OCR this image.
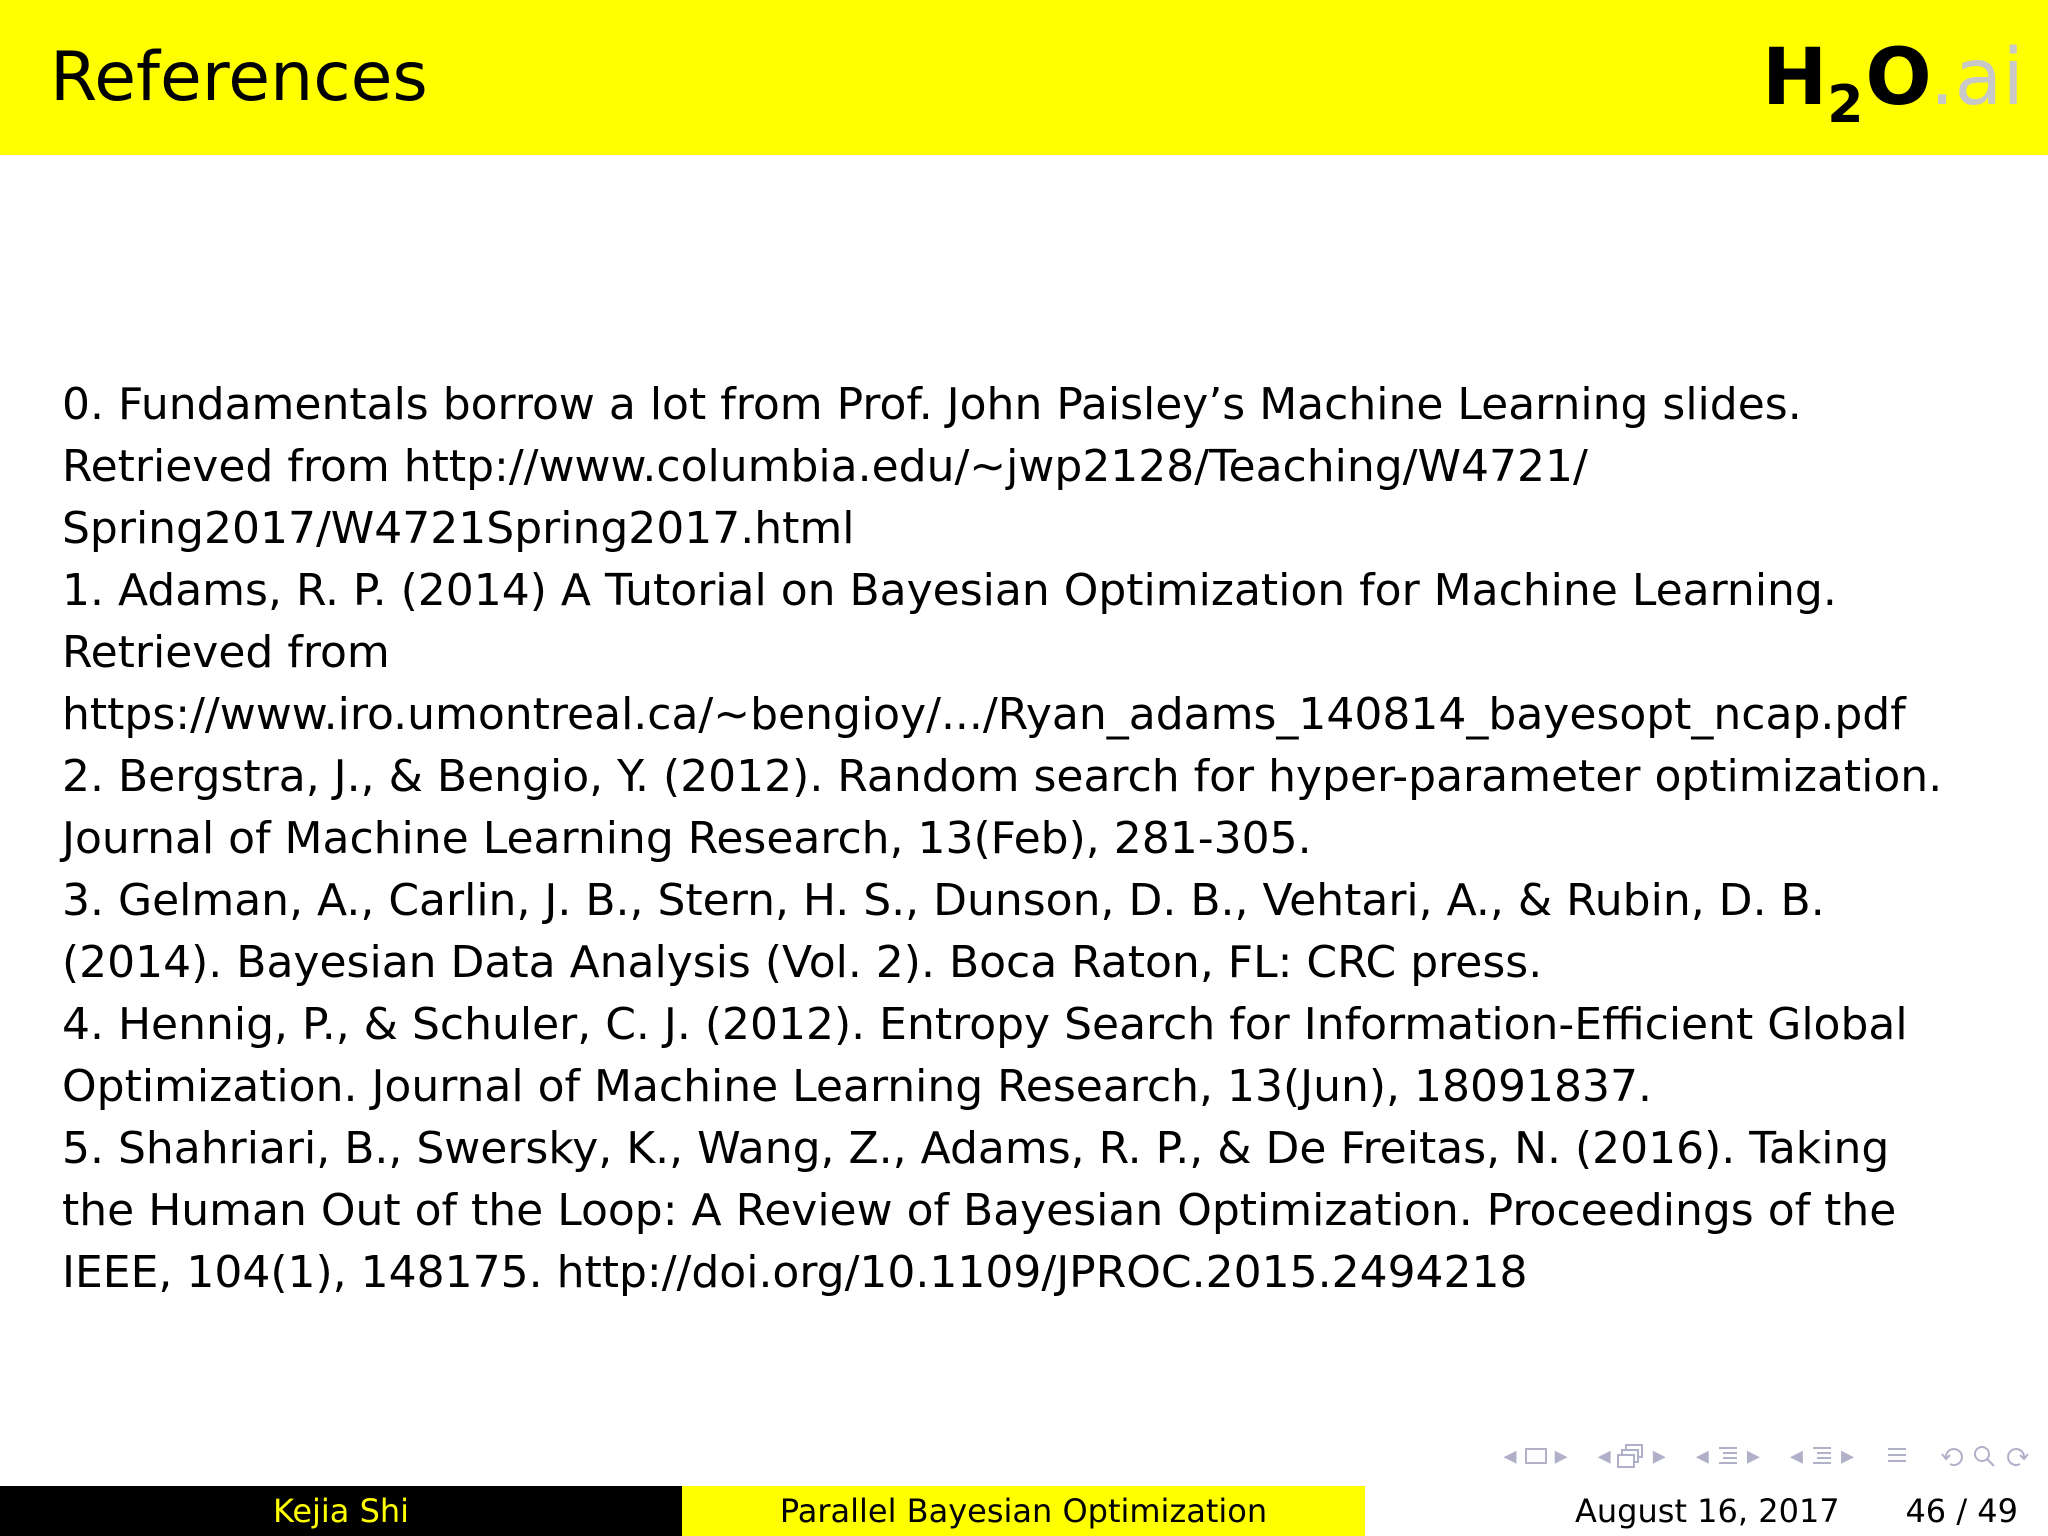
References	$H_2O.ai$
0. Fundamentals borrow a lot from Prof. John Paisley’s Machine Learning slides.
Retrieved from http://www.columbia.edu/∼jwp2128/Teaching/W4721/
Spring2017/W4721Spring2017.html
1. Adams, R. P. (2014) A Tutorial on Bayesian Optimization for Machine Learning.
Retrieved from
https://www.iro.umontreal.ca/∼bengioy/.../Ryan_adams_140814_bayesopt_ncap.pdf
2. Bergstra, J., & Bengio, Y. (2012). Random search for hyper-parameter optimization.
Journal of Machine Learning Research, 13(Feb), 281-305.
3. Gelman, A., Carlin, J. B., Stern, H. S., Dunson, D. B., Vehtari, A., & Rubin, D. B.
(2014). Bayesian Data Analysis (Vol. 2). Boca Raton, FL: CRC press.
4. Hennig, P., & Schuler, C. J. (2012). Entropy Search for Information-Efficient Global
Optimization. Journal of Machine Learning Research, 13(Jun), 18091837.
5. Shahriari, B., Swersky, K., Wang, Z., Adams, R. P., & De Freitas, N. (2016). Taking
the Human Out of the Loop: A Review of Bayesian Optimization. Proceedings of the
IEEE, 104(1), 148175. http://doi.org/10.1109/JPROC.2015.2494218
◂ ▸ ◂ ▸ ◂ ▸ ◂ ▸
Kejia Shi	Parallel Bayesian Optimization	August 16, 2017 46 / 49
